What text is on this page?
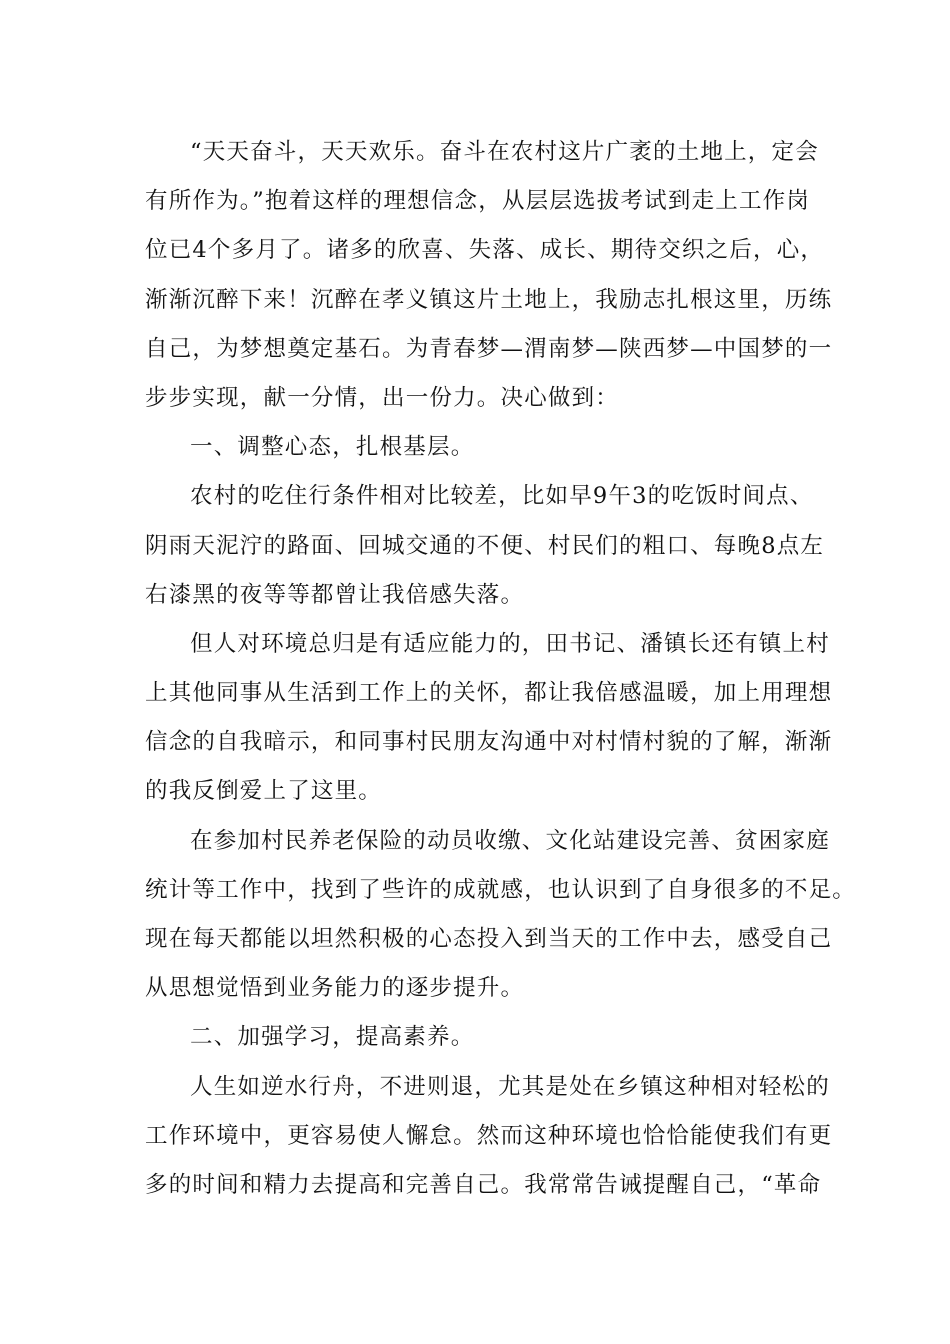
“天天奋斗，天天欢乐。奋斗在农村这片广袤的土地上，定会
有所作为。”抱着这样的理想信念，从层层选拔考试到走上工作岗
位已4个多月了。诸多的欣喜、失落、成长、期待交织之后，心，
渐渐沉醉下来！沉醉在孝义镇这片土地上，我励志扎根这里，历练
自己，为梦想奠定基石。为青春梦—渭南梦—陕西梦—中国梦的一
步步实现，献一分情，出一份力。决心做到：
一、调整心态，扎根基层。
农村的吃住行条件相对比较差，比如早9午3的吃饭时间点、
阴雨天泥泞的路面、回城交通的不便、村民们的粗口、每晚8点左
右漆黑的夜等等都曾让我倍感失落。
但人对环境总归是有适应能力的，田书记、潘镇长还有镇上村
上其他同事从生活到工作上的关怀，都让我倍感温暖，加上用理想
信念的自我暗示，和同事村民朋友沟通中对村情村貌的了解，渐渐
的我反倒爱上了这里。
在参加村民养老保险的动员收缴、文化站建设完善、贫困家庭
统计等工作中，找到了些许的成就感，也认识到了自身很多的不足。
现在每天都能以坦然积极的心态投入到当天的工作中去，感受自己
从思想觉悟到业务能力的逐步提升。
二、加强学习，提高素养。
人生如逆水行舟，不进则退，尤其是处在乡镇这种相对轻松的
工作环境中，更容易使人懈怠。然而这种环境也恰恰能使我们有更
多的时间和精力去提高和完善自己。我常常告诫提醒自己，“革命
